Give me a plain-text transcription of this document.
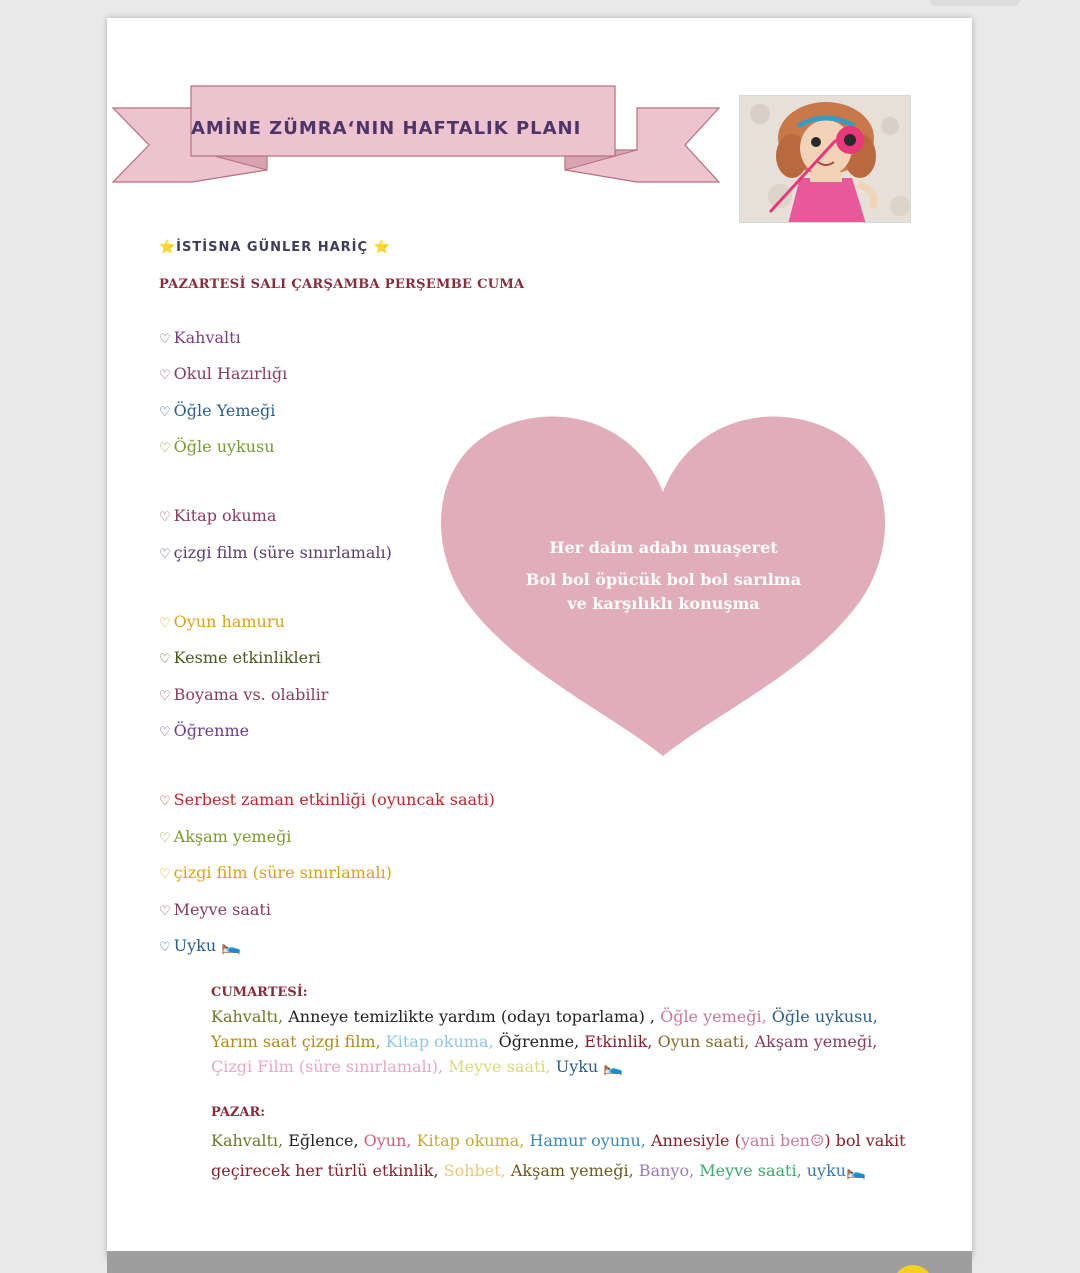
AMİNE ZÜMRA‘NIN HAFTALIK PLANI
⭐İSTİSNA GÜNLER HARİÇ ⭐
PAZARTESİ SALI ÇARŞAMBA PERŞEMBE CUMA
♡ Kahvaltı
♡ Okul Hazırlığı
♡ Öğle Yemeği
♡ Öğle uykusu
♡ Kitap okuma
♡ çizgi film (süre sınırlamalı)
♡ Oyun hamuru
♡ Kesme etkinlikleri
♡ Boyama vs. olabilir
♡ Öğrenme
♡ Serbest zaman etkinliği (oyuncak saati)
♡ Akşam yemeği
♡ çizgi film (süre sınırlamalı)
♡ Meyve saati
♡ Uyku 🛌
Her daim adabı muaşeret
Bol bol öpücük bol bol sarılma
ve karşılıklı konuşma
CUMARTESİ:
Kahvaltı, Anneye temizlikte yardım (odayı toparlama) , Öğle yemeği, Öğle uykusu,
Yarım saat çizgi film, Kitap okuma, Öğrenme, Etkinlik, Oyun saati, Akşam yemeği,
Çizgi Film (süre sınırlamalı), Meyve saati, Uyku 🛌
PAZAR:
Kahvaltı, Eğlence, Oyun, Kitap okuma, Hamur oyunu, Annesiyle (yani ben☺) bol vakit
geçirecek her türlü etkinlik, Sohbet, Akşam yemeği, Banyo, Meyve saati, uyku🛌
